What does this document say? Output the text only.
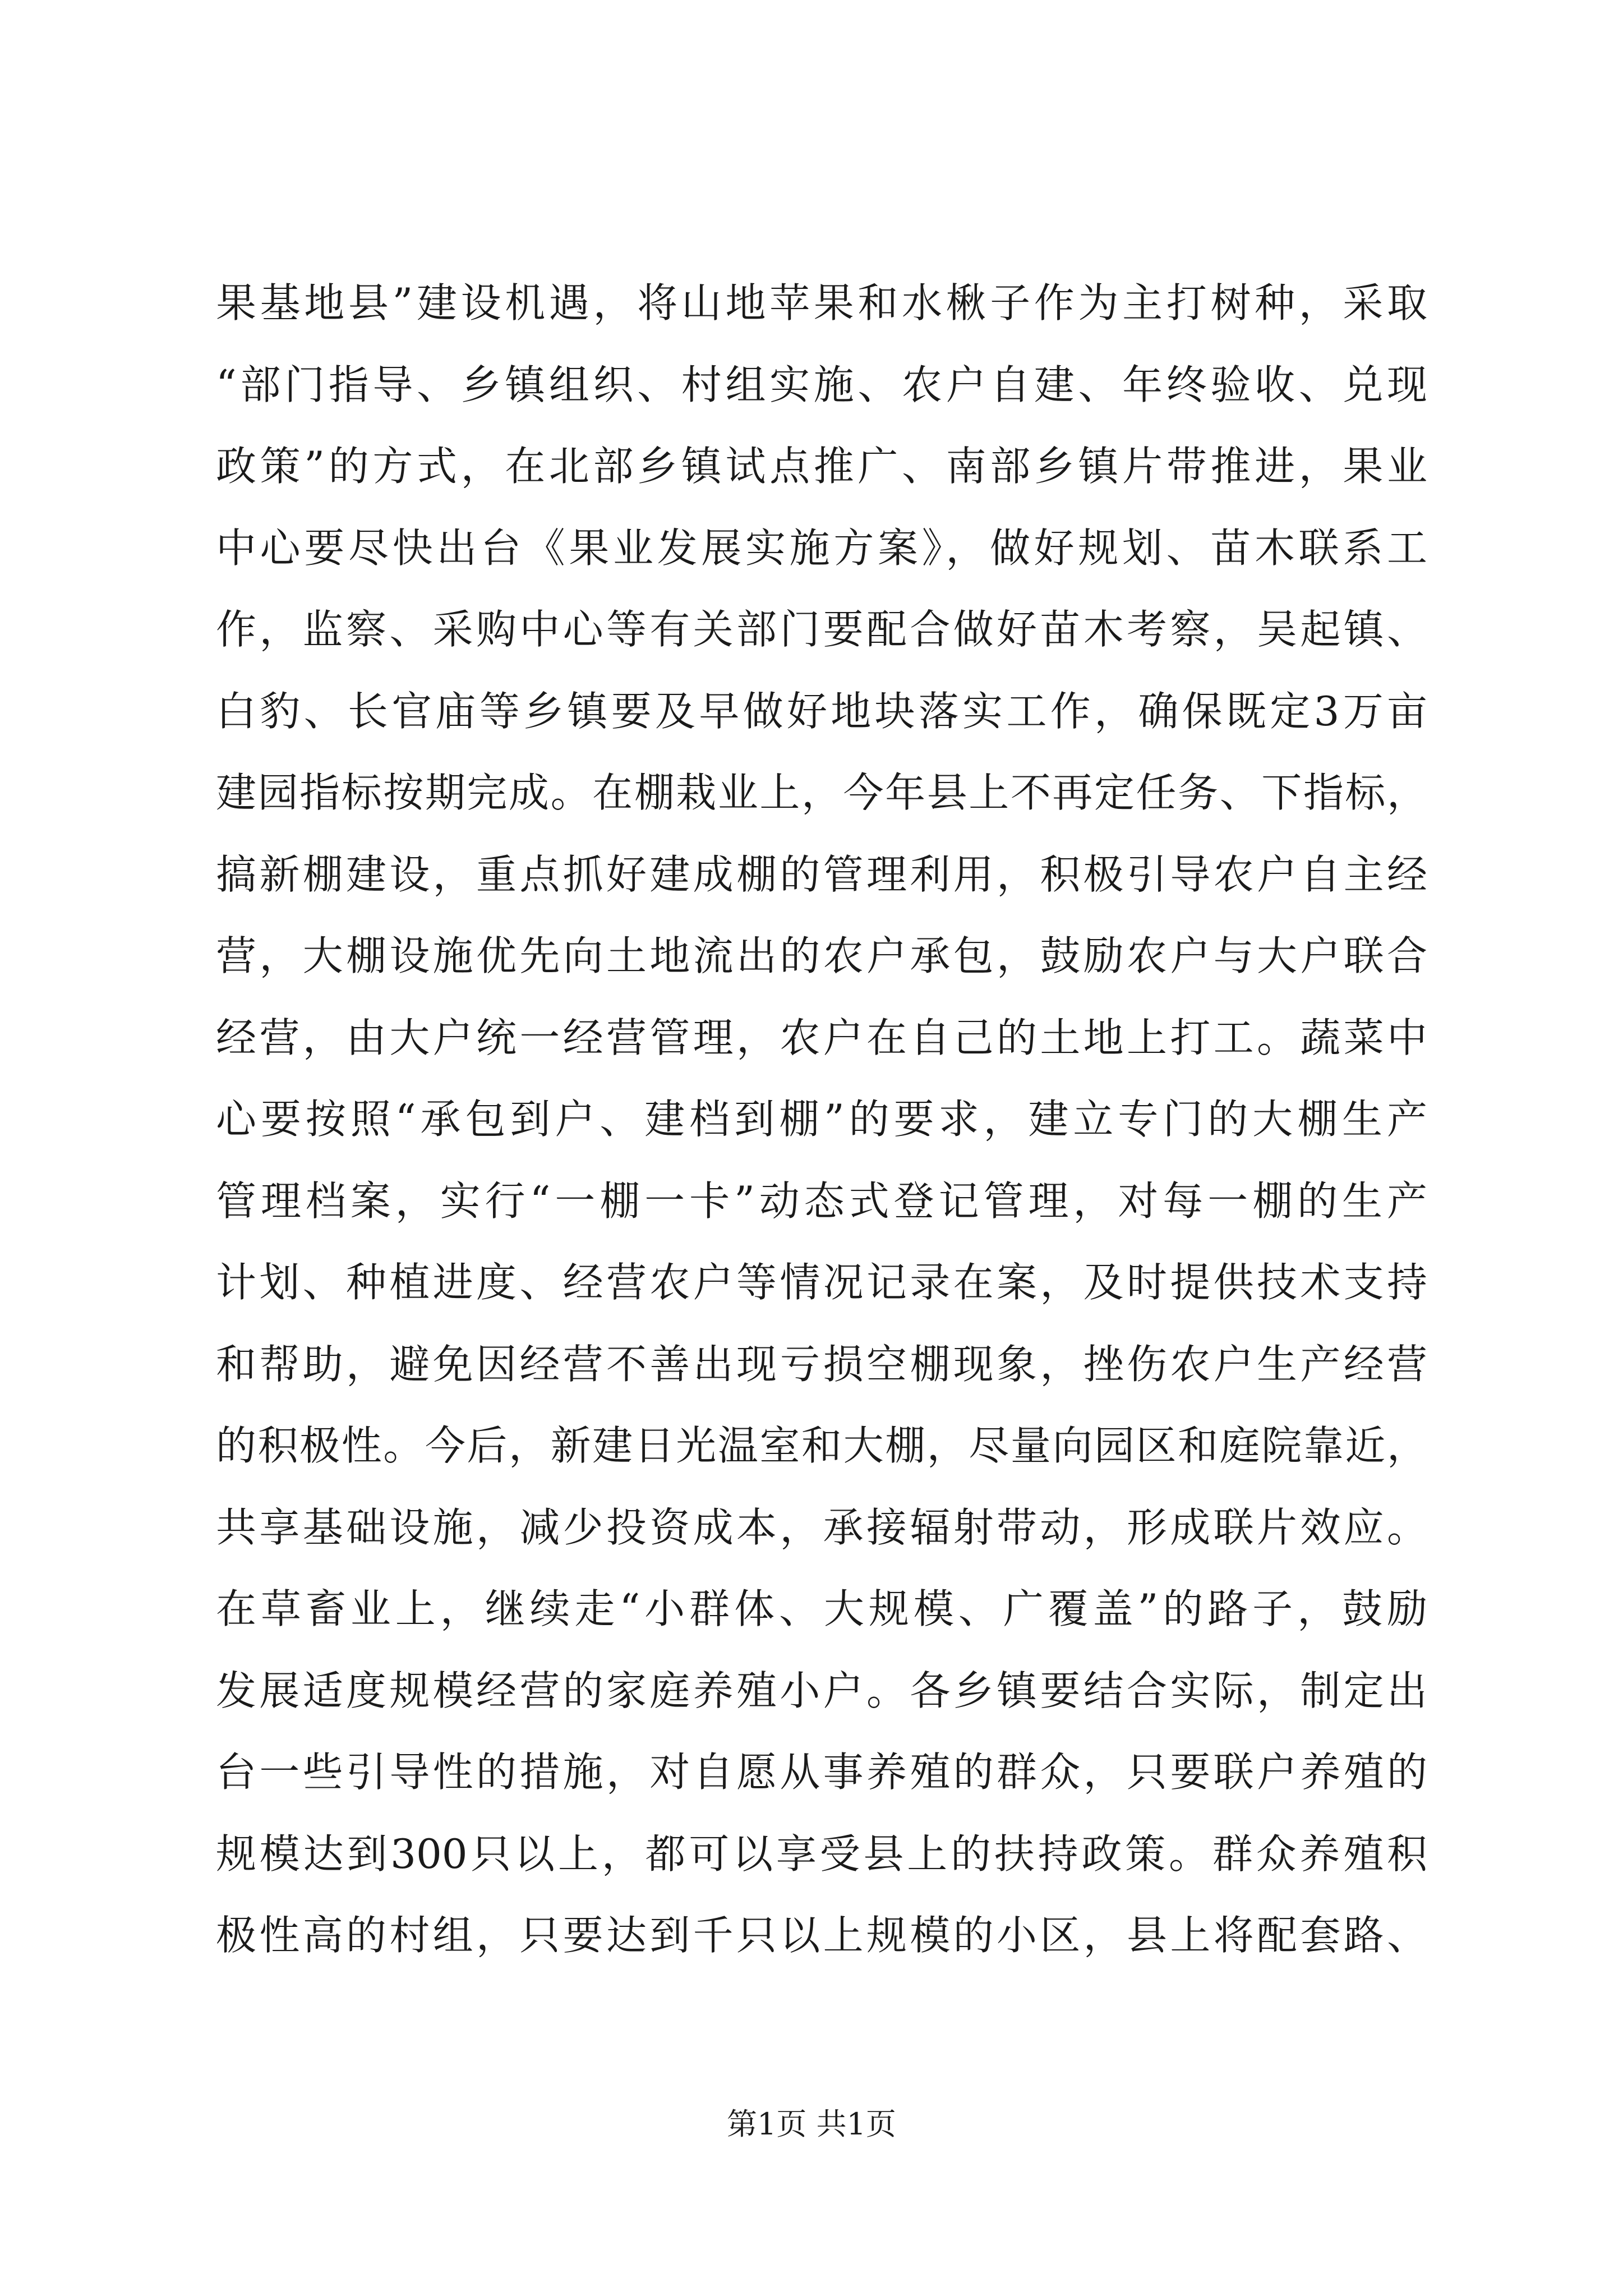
果基地县”建设机遇，将山地苹果和水楸子作为主打树种，采取
“部门指导、乡镇组织、村组实施、农户自建、年终验收、兑现
政策”的方式，在北部乡镇试点推广、南部乡镇片带推进，果业
中心要尽快出台《果业发展实施方案》，做好规划、苗木联系工
作，监察、采购中心等有关部门要配合做好苗木考察，吴起镇、
白豹、长官庙等乡镇要及早做好地块落实工作，确保既定3万亩
建园指标按期完成。在棚栽业上，今年县上不再定任务、下指标，
搞新棚建设，重点抓好建成棚的管理利用，积极引导农户自主经
营，大棚设施优先向土地流出的农户承包，鼓励农户与大户联合
经营，由大户统一经营管理，农户在自己的土地上打工。蔬菜中
心要按照“承包到户、建档到棚”的要求，建立专门的大棚生产
管理档案，实行“一棚一卡”动态式登记管理，对每一棚的生产
计划、种植进度、经营农户等情况记录在案，及时提供技术支持
和帮助，避免因经营不善出现亏损空棚现象，挫伤农户生产经营
的积极性。今后，新建日光温室和大棚，尽量向园区和庭院靠近，
共享基础设施，减少投资成本，承接辐射带动，形成联片效应。
在草畜业上，继续走“小群体、大规模、广覆盖”的路子，鼓励
发展适度规模经营的家庭养殖小户。各乡镇要结合实际，制定出
台一些引导性的措施，对自愿从事养殖的群众，只要联户养殖的
规模达到300只以上，都可以享受县上的扶持政策。群众养殖积
极性高的村组，只要达到千只以上规模的小区，县上将配套路、
第1页 共1页
